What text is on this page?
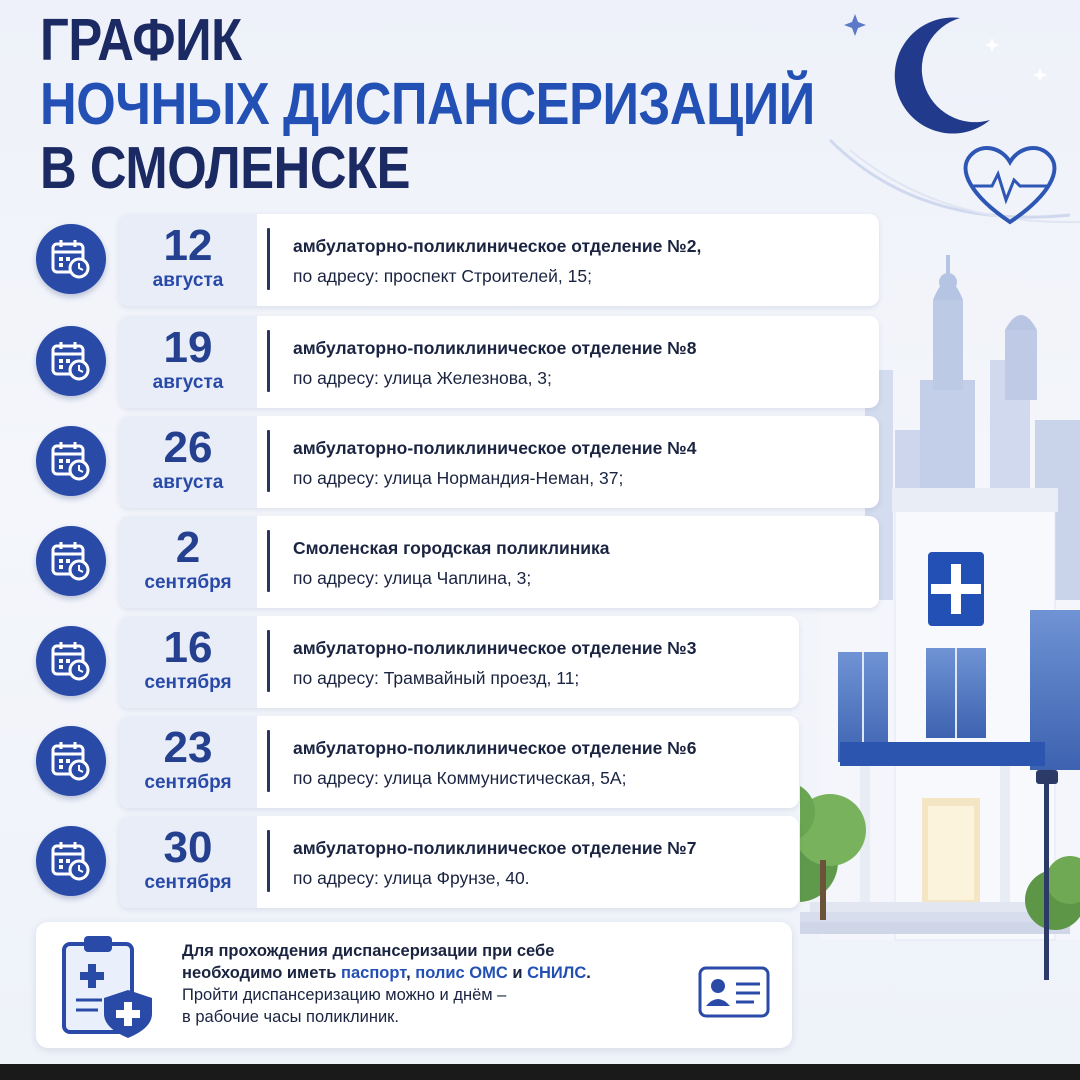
ГРАФИК
НОЧНЫХ ДИСПАНСЕРИЗАЦИЙ
В СМОЛЕНСКЕ
12
августа
амбулаторно-поликлиническое отделение №2,
по адресу: проспект Строителей, 15;
19
августа
амбулаторно-поликлиническое отделение №8
по адресу: улица Железнова, 3;
26
августа
амбулаторно-поликлиническое отделение №4
по адресу: улица Нормандия-Неман, 37;
2
сентября
Смоленская городская поликлиника
по адресу: улица Чаплина, 3;
16
сентября
амбулаторно-поликлиническое отделение №3
по адресу: Трамвайный проезд, 11;
23
сентября
амбулаторно-поликлиническое отделение №6
по адресу: улица Коммунистическая, 5А;
30
сентября
амбулаторно-поликлиническое отделение №7
по адресу: улица Фрунзе, 40.
Для прохождения диспансеризации при себе
необходимо иметь паспорт, полис ОМС и СНИЛС.
Пройти диспансеризацию можно и днём –
в рабочие часы поликлиник.
